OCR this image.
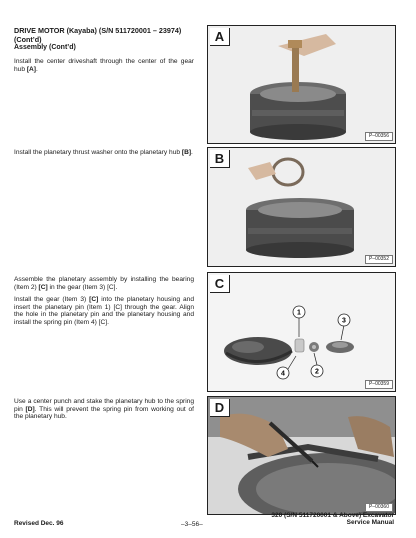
DRIVE MOTOR (Kayaba) (S/N 511720001 – 23974) (Cont’d)
Assembly (Cont’d)
Install the center driveshaft through the center of the gear hub [A].
Install the planetary thrust washer onto the planetary hub [B].
Assemble the planetary assembly by installing the bearing (Item 2) [C] in the gear (Item 3) [C].
Install the gear (Item 3) [C] into the planetary housing and insert the planetary pin (Item 1) [C] through the gear. Align the hole in the planetary pin and the planetary housing and install the spring pin (Item 4) [C].
Use a center punch and stake the planetary hub to the spring pin [D]. This will prevent the spring pin from working out of the planetary hub.
A
P–00356
B
P–00352
1
3
2
4
C
P–00359
D
P–00360
Revised Dec. 96	–3–56–
320 (S/N 511720001 & Above) Excavator
Service Manual
